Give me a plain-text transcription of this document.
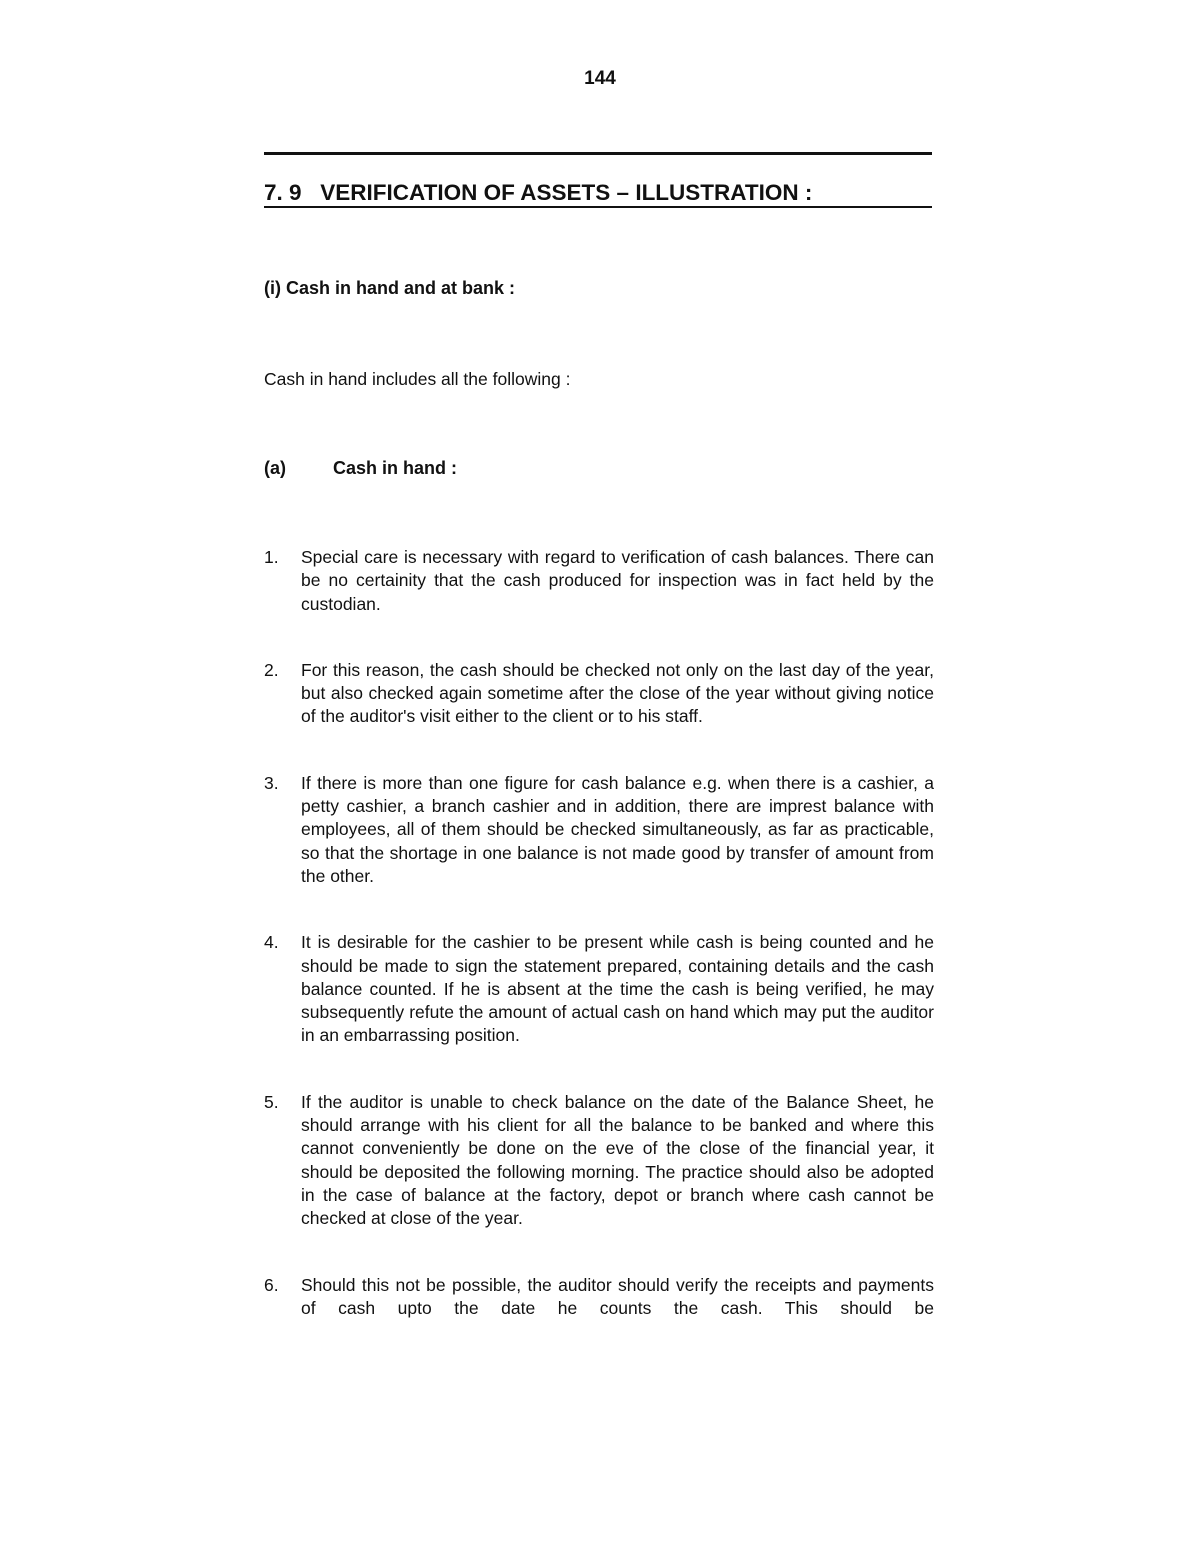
144
7. 9   VERIFICATION OF ASSETS – ILLUSTRATION :
(i) Cash in hand and at bank :
Cash in hand includes all the following :
(a)	Cash in hand :
1. Special care is necessary with regard to verification of cash balances. There can be no certainity that the cash produced for inspection was in fact held by the custodian.
2. For this reason, the cash should be checked not only on the last day of the year, but also checked again sometime after the close of the year without giving notice of the auditor's visit either to the client or to his staff.
3. If there is more than one figure for cash balance e.g. when there is a cashier, a petty cashier, a branch cashier and in addition, there are imprest balance with employees, all of them should be checked simultaneously, as far as practicable, so that the shortage in one balance is not made good by transfer of amount from the other.
4. It is desirable for the cashier to be present while cash is being counted and he should be made to sign the statement prepared, containing details and the cash balance counted. If he is absent at the time the cash is being verified, he may subsequently refute the amount of actual cash on hand which may put the auditor in an embarrassing position.
5. If the auditor is unable to check balance on the date of the Balance Sheet, he should arrange with his client for all the balance to be banked and where this cannot conveniently be done on the eve of the close of the financial year, it should be deposited the following morning. The practice should also be adopted in the case of balance at the factory, depot or branch where cash cannot be checked at close of the year.
6. Should this not be possible, the auditor should verify the receipts and payments of cash upto the date he counts the cash. This should be
